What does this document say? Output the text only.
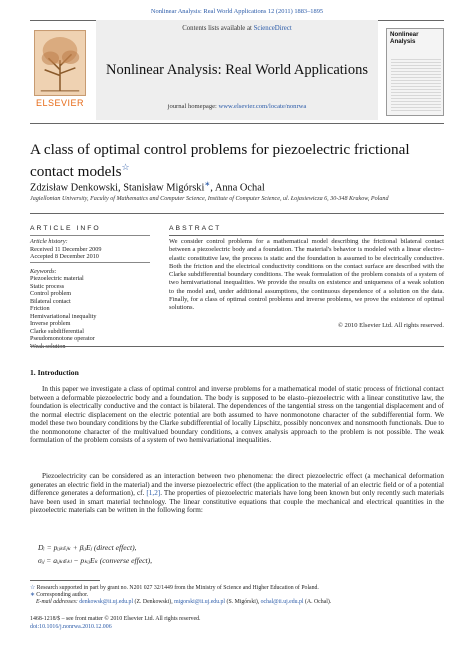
Nonlinear Analysis: Real World Applications 12 (2011) 1883–1895
ELSEVIER
Contents lists available at ScienceDirect
Nonlinear Analysis: Real World Applications
journal homepage: www.elsevier.com/locate/nonrwa
Nonlinear Analysis
A class of optimal control problems for piezoelectric frictional contact models☆
Zdzisław Denkowski, Stanisław Migórski∗, Anna Ochal
Jagiellonian University, Faculty of Mathematics and Computer Science, Institute of Computer Science, ul. Łojasiewicza 6, 30-348 Krakow, Poland
ARTICLE INFO	ABSTRACT
Article history:
Received 11 December 2009
Accepted 8 December 2010
Keywords:
Piezoelectric material
Static process
Control problem
Bilateral contact
Friction
Hemivariational inequality
Inverse problem
Clarke subdifferential
Pseudomonotone operator
Weak solution
We consider control problems for a mathematical model describing the frictional bilateral contact between a piezoelectric body and a foundation. The material's behavior is modeled with a linear electro–elastic constitutive law, the process is static and the foundation is assumed to be electrically conductive. Both the friction and the electrical conductivity conditions on the contact surface are described with the Clarke subdifferential boundary conditions. The weak formulation of the problem consists of a system of two hemivariational inequalities. We provide the results on existence and uniqueness of a weak solution to the model and, under additional assumptions, the continuous dependence of a solution on the data. Finally, for a class of optimal control problems and inverse problems, we prove the existence of optimal solutions.
© 2010 Elsevier Ltd. All rights reserved.
1. Introduction
In this paper we investigate a class of optimal control and inverse problems for a mathematical model of static process of frictional contact between a deformable piezoelectric body and a foundation. The body is supposed to be elasto–piezoelectric with a linear constitutive law, the foundation is electrically conductive and the contact is bilateral. The dependences of the tangential stress on the tangential displacement and of the normal electric displacement on the electric potential are both assumed to have nonmonotone character of the subdifferential form. We model these two boundary conditions by the Clarke subdifferential of locally Lipschitz, possibly nonconvex and nonsmooth functionals. Due to the nonmonotone character of the multivalued boundary conditions, a convex analysis approach to the problem is not possible. The weak formulation of the problem consists of a system of two hemivariational inequalities.
Piezoelectricity can be considered as an interaction between two phenomena: the direct piezoelectric effect (a mechanical deformation generates an electric field in the material) and the inverse piezoelectric effect (the application to the material of an electric field or of a potential difference generates a deformation), cf. [1,2]. The properties of piezoelectric materials have long been known but only recently such materials have been used in smart material technology. The linear constitutive equations that couple the mechanical and electrical quantities in the piezoelectric materials can be written in the following form:
Dᵢ = pᵢⱼₖεⱼₖ + βᵢⱼEⱼ (direct effect),
σᵢⱼ = aᵢⱼₖₗεₖₗ − pₖᵢⱼEₖ (converse effect),
☆ Research supported in part by grant no. N201 027 32/1449 from the Ministry of Science and Higher Education of Poland.
∗ Corresponding author.
E-mail addresses: denkowsk@ii.uj.edu.pl (Z. Denkowski), migorski@ii.uj.edu.pl (S. Migórski), ochal@ii.uj.edu.pl (A. Ochal).
1468-1218/$ – see front matter © 2010 Elsevier Ltd. All rights reserved.
doi:10.1016/j.nonrwa.2010.12.006
